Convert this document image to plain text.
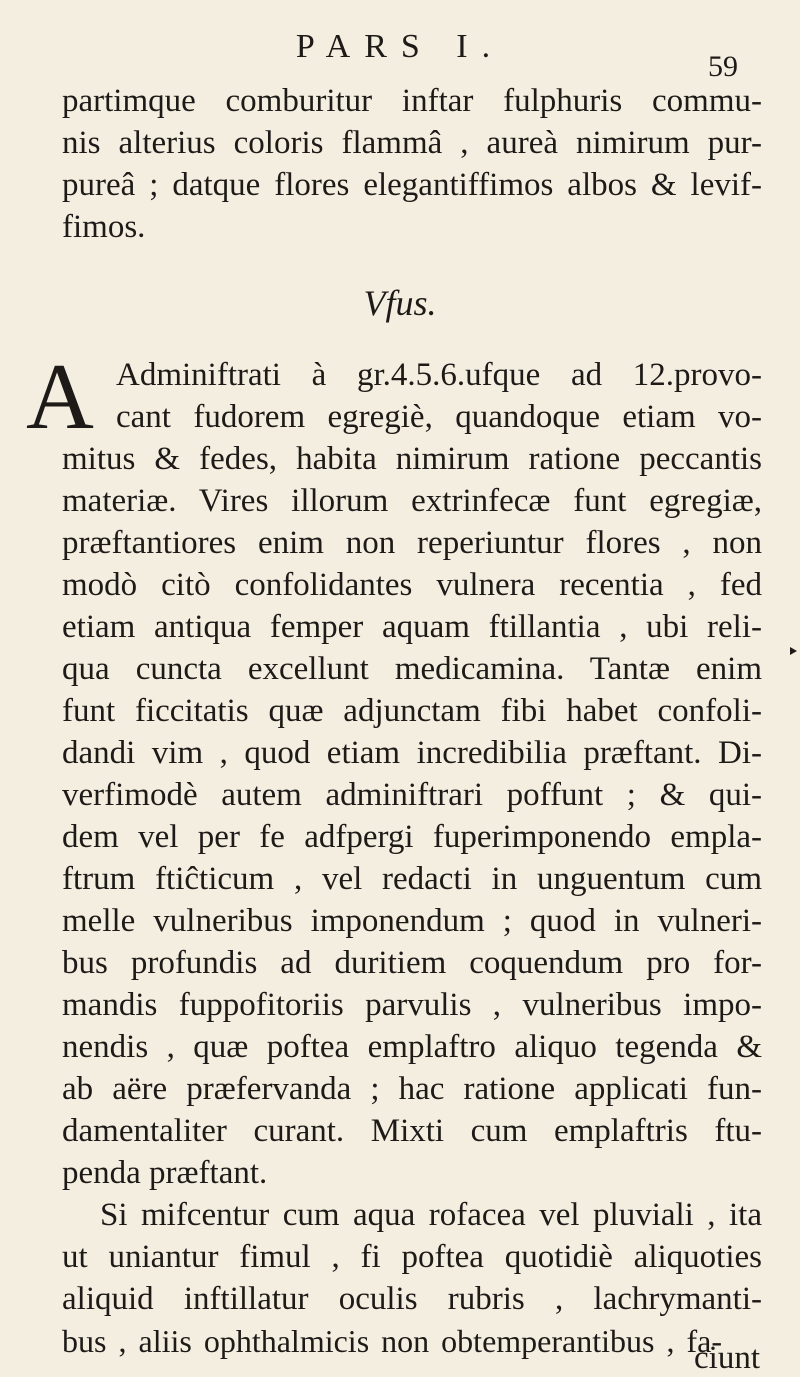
PARS I.
59
partimque comburitur inftar fulphuris commu-
nis alterius coloris flammâ , aureà nimirum pur-
pureâ ; datque flores elegantiffimos albos & levif-
fimos.
Vfus.
A Adminiftrati à gr.4.5.6.ufque ad 12.provo-
cant fudorem egregiè, quandoque etiam vo-
mitus & fedes, habita nimirum ratione peccantis
materiæ. Vires illorum extrinfecæ funt egregiæ,
præftantiores enim non reperiuntur flores , non
modò citò confolidantes vulnera recentia , fed
etiam antiqua femper aquam ftillantia , ubi reli-
qua cuncta excellunt medicamina. Tantæ enim
funt ficcitatis quæ adjunctam fibi habet confoli-
dandi vim , quod etiam incredibilia præftant. Di-
verfimodè autem adminiftrari poffunt ; & qui-
dem vel per fe adfpergi fuperimponendo empla-
ftrum ftiĉticum , vel redacti in unguentum cum
melle vulneribus imponendum ; quod in vulneri-
bus profundis ad duritiem coquendum pro for-
mandis fuppofitoriis parvulis , vulneribus impo-
nendis , quæ poftea emplaftro aliquo tegenda &
ab aëre præfervanda ; hac ratione applicati fun-
damentaliter curant. Mixti cum emplaftris ftu-
penda præftant.
Si mifcentur cum aqua rofacea vel pluviali , ita
ut uniantur fimul , fi poftea quotidiè aliquoties
aliquid inftillatur oculis rubris , lachrymanti-
bus , aliis ophthalmicis non obtemperantibus , fa-
ciunt
